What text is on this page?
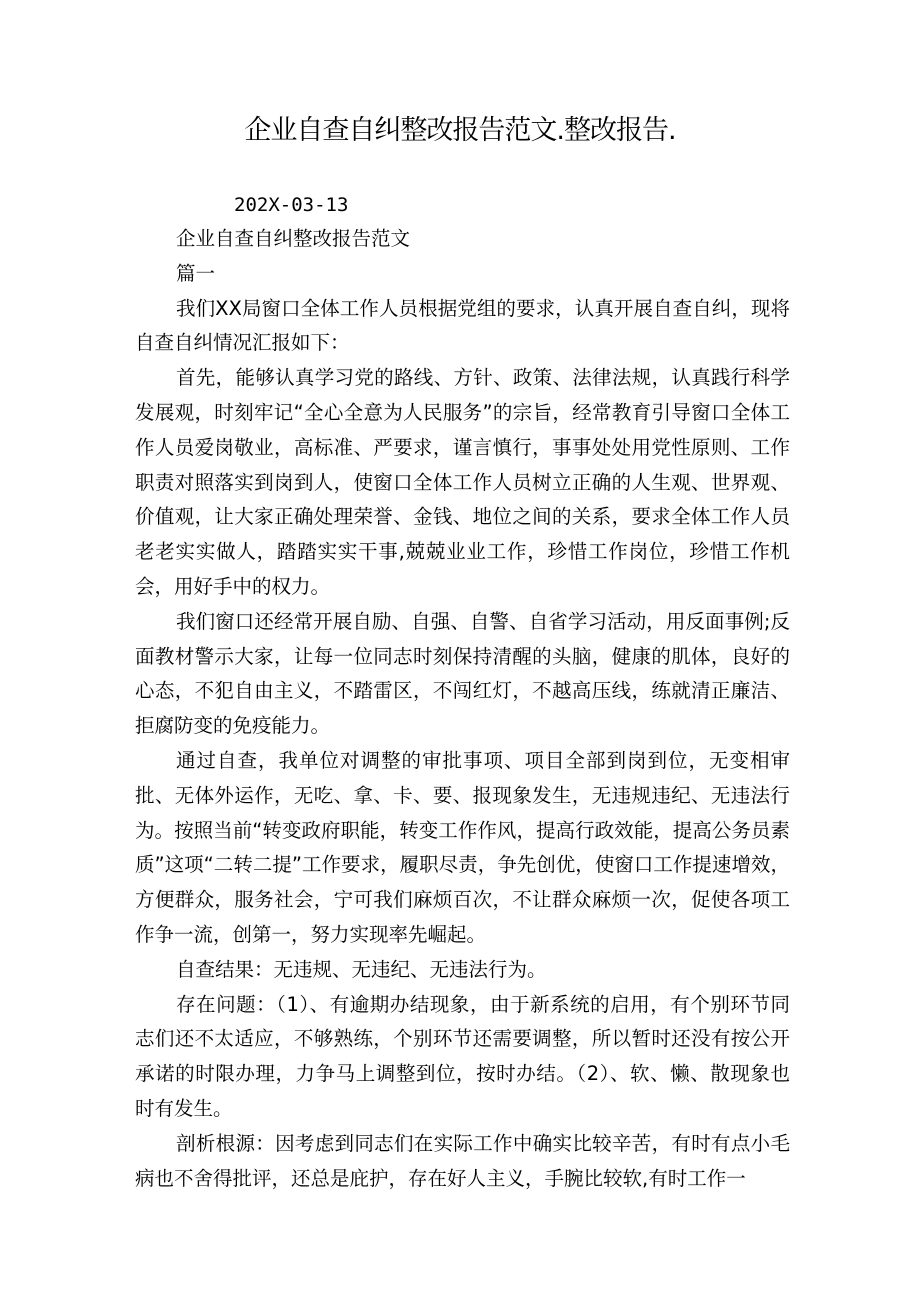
企业自查自纠整改报告范文.整改报告.
202X-03-13

企业自查自纠整改报告范文

篇一

我们XX局窗口全体工作人员根据党组的要求，认真开展自查自纠，现将自查自纠情况汇报如下：

首先，能够认真学习党的路线、方针、政策、法律法规，认真践行科学发展观，时刻牢记“全心全意为人民服务”的宗旨，经常教育引导窗口全体工作人员爱岗敬业，高标准、严要求，谨言慎行，事事处处用党性原则、工作职责对照落实到岗到人，使窗口全体工作人员树立正确的人生观、世界观、价值观，让大家正确处理荣誉、金钱、地位之间的关系，要求全体工作人员老老实实做人，踏踏实实干事,兢兢业业工作，珍惜工作岗位，珍惜工作机会，用好手中的权力。

我们窗口还经常开展自励、自强、自警、自省学习活动，用反面事例;反面教材警示大家，让每一位同志时刻保持清醒的头脑，健康的肌体，良好的心态，不犯自由主义，不踏雷区，不闯红灯，不越高压线，练就清正廉洁、拒腐防变的免疫能力。

通过自查，我单位对调整的审批事项、项目全部到岗到位，无变相审批、无体外运作，无吃、拿、卡、要、报现象发生，无违规违纪、无违法行为。按照当前“转变政府职能，转变工作作风，提高行政效能，提高公务员素质”这项“二转二提”工作要求，履职尽责，争先创优，使窗口工作提速增效，方便群众，服务社会，宁可我们麻烦百次，不让群众麻烦一次，促使各项工作争一流，创第一，努力实现率先崛起。

自查结果：无违规、无违纪、无违法行为。

存在问题：（1）、有逾期办结现象，由于新系统的启用，有个别环节同志们还不太适应，不够熟练，个别环节还需要调整，所以暂时还没有按公开承诺的时限办理，力争马上调整到位，按时办结。（2）、软、懒、散现象也时有发生。

剖析根源：因考虑到同志们在实际工作中确实比较辛苦，有时有点小毛病也不舍得批评，还总是庇护，存在好人主义，手腕比较软,有时工作一
